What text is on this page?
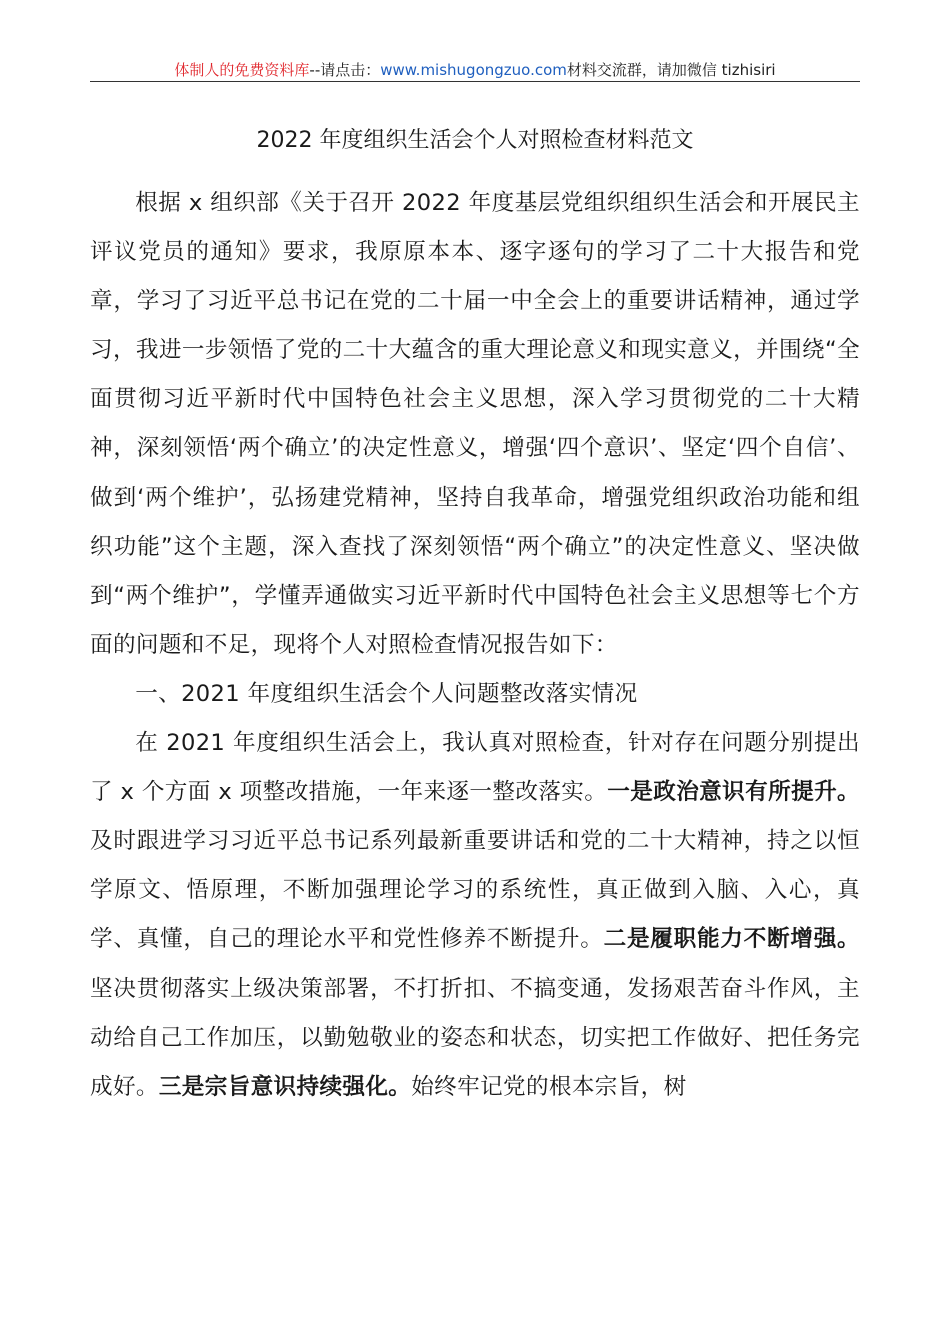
体制人的免费资料库--请点击：www.mishugongzuo.com材料交流群，请加微信 tizhisiri
2022 年度组织生活会个人对照检查材料范文

根据 x 组织部《关于召开 2022 年度基层党组织组织生活会和开展民主评议党员的通知》要求，我原原本本、逐字逐句的学习了二十大报告和党章，学习了习近平总书记在党的二十届一中全会上的重要讲话精神，通过学习，我进一步领悟了党的二十大蕴含的重大理论意义和现实意义，并围绕“全面贯彻习近平新时代中国特色社会主义思想，深入学习贯彻党的二十大精神，深刻领悟‘两个确立’的决定性意义，增强‘四个意识’、坚定‘四个自信’、做到‘两个维护’，弘扬建党精神，坚持自我革命，增强党组织政治功能和组织功能”这个主题，深入查找了深刻领悟“两个确立”的决定性意义、坚决做到“两个维护”，学懂弄通做实习近平新时代中国特色社会主义思想等七个方面的问题和不足，现将个人对照检查情况报告如下：

一、2021 年度组织生活会个人问题整改落实情况

在 2021 年度组织生活会上，我认真对照检查，针对存在问题分别提出了 x 个方面 x 项整改措施，一年来逐一整改落实。一是政治意识有所提升。及时跟进学习习近平总书记系列最新重要讲话和党的二十大精神，持之以恒学原文、悟原理，不断加强理论学习的系统性，真正做到入脑、入心，真学、真懂，自己的理论水平和党性修养不断提升。二是履职能力不断增强。坚决贯彻落实上级决策部署，不打折扣、不搞变通，发扬艰苦奋斗作风，主动给自己工作加压，以勤勉敬业的姿态和状态，切实把工作做好、把任务完成好。三是宗旨意识持续强化。始终牢记党的根本宗旨，树
